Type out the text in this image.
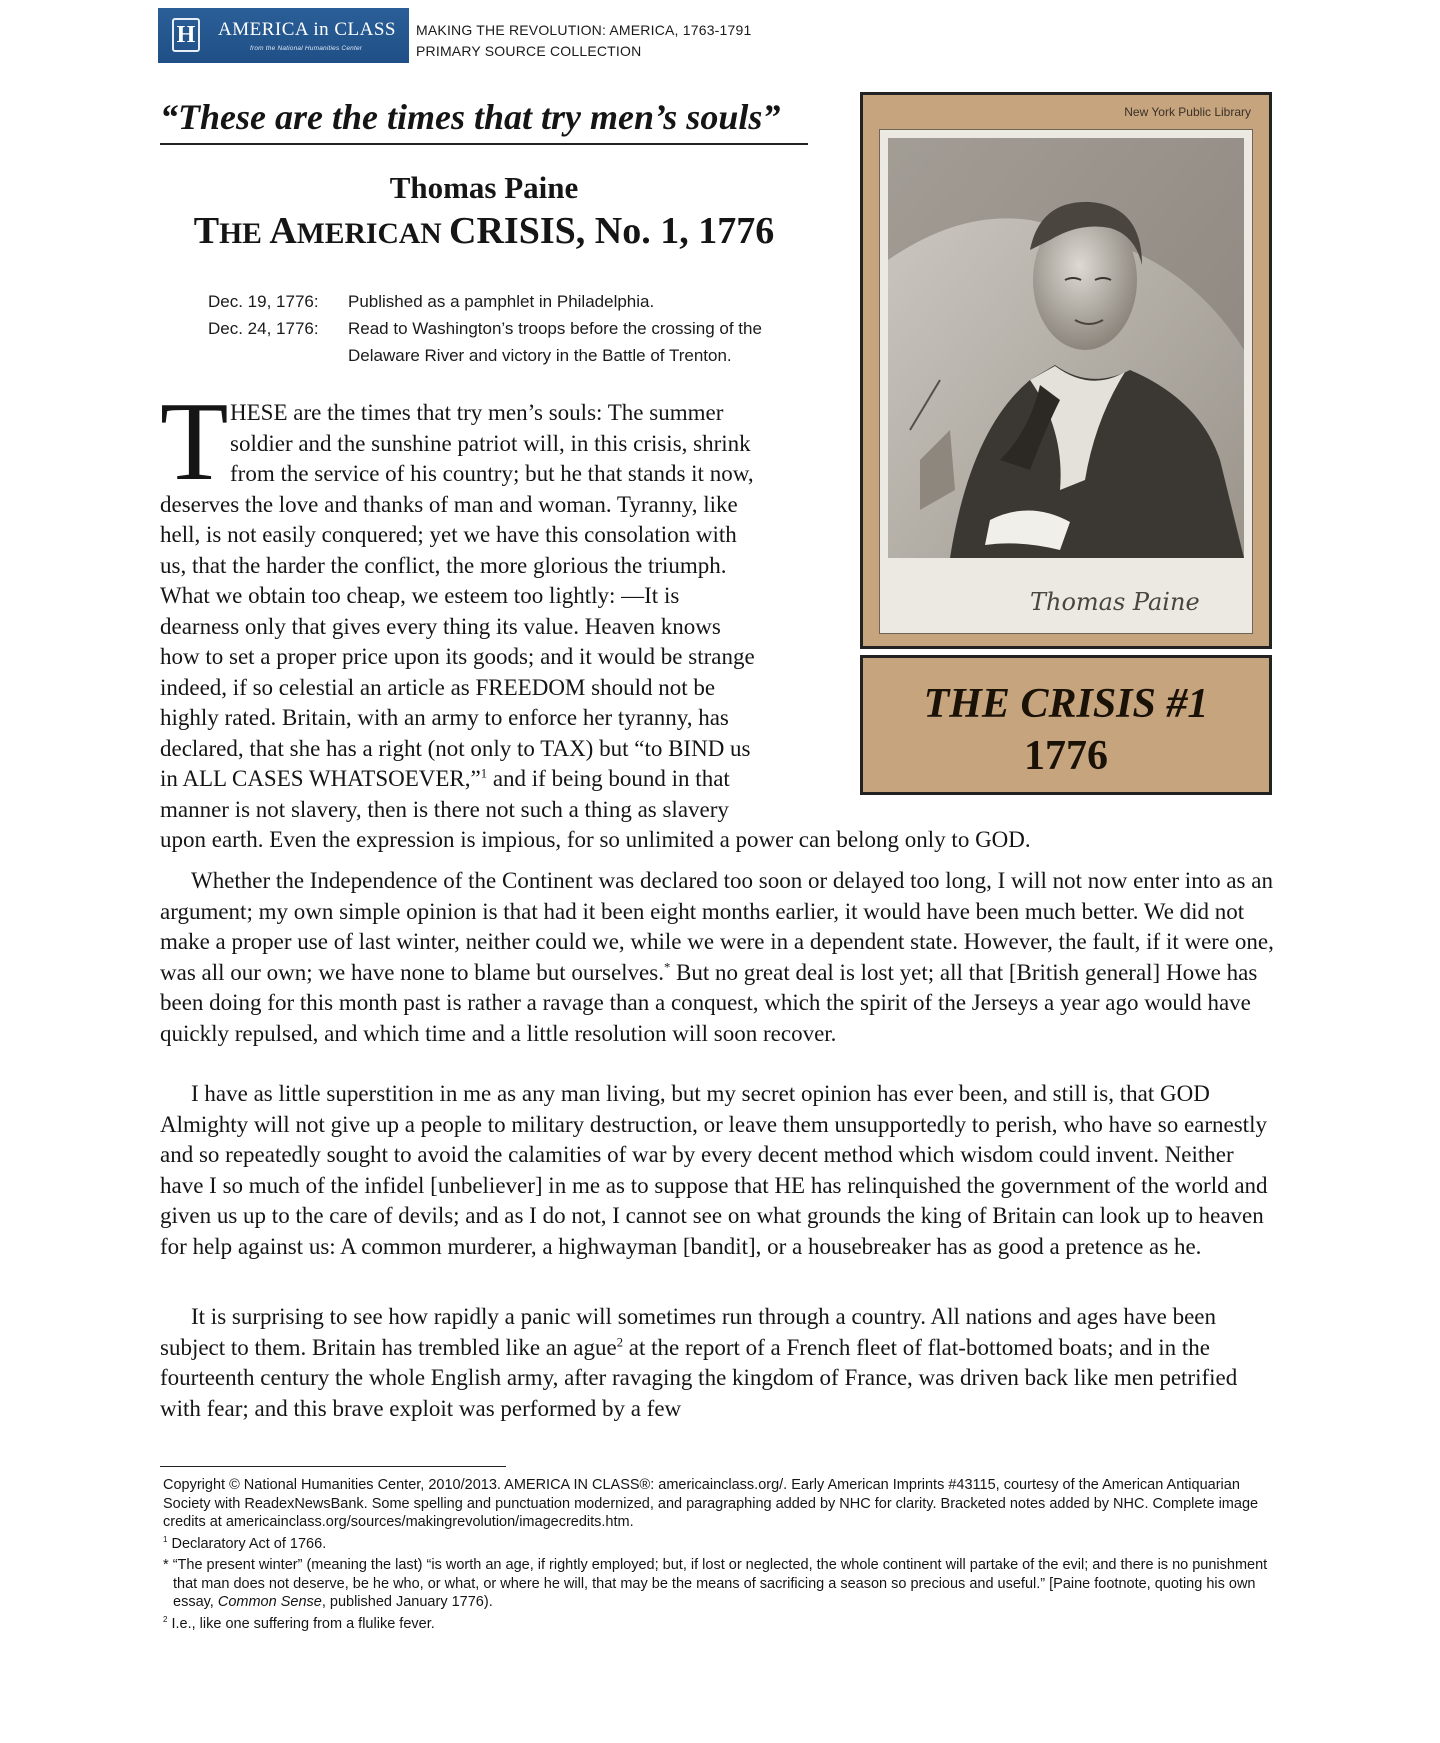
H AMERICA in CLASS
from the National Humanities Center
MAKING THE REVOLUTION: AMERICA, 1763-1791
PRIMARY SOURCE COLLECTION
“These are the times that try men’s souls”
Thomas Paine
THE AMERICAN CRISIS, No. 1, 1776
Dec. 19, 1776:	Published as a pamphlet in Philadelphia.
Dec. 24, 1776:	Read to Washington’s troops before the crossing of the Delaware River and victory in the Battle of Trenton.
New York Public Library
Thomas Paine
THE CRISIS #1
1776
T HESE are the times that try men’s souls: The summer
soldier and the sunshine patriot will, in this crisis, shrink
from the service of his country; but he that stands it now,
deserves the love and thanks of man and woman. Tyranny, like
hell, is not easily conquered; yet we have this consolation with
us, that the harder the conflict, the more glorious the triumph.
What we obtain too cheap, we esteem too lightly: —It is
dearness only that gives every thing its value. Heaven knows
how to set a proper price upon its goods; and it would be strange
indeed, if so celestial an article as FREEDOM should not be
highly rated. Britain, with an army to enforce her tyranny, has
declared, that she has a right (not only to TAX) but “to BIND us
in ALL CASES WHATSOEVER,”$^1$ and if being bound in that
manner is not slavery, then is there not such a thing as slavery
upon earth. Even the expression is impious, for so unlimited a power can belong only to GOD.
Whether the Independence of the Continent was declared too soon or delayed too long, I will not now enter into as an argument; my own simple opinion is that had it been eight months earlier, it would have been much better. We did not make a proper use of last winter, neither could we, while we were in a dependent state. However, the fault, if it were one, was all our own; we have none to blame but ourselves.* But no great deal is lost yet; all that [British general] Howe has been doing for this month past is rather a ravage than a conquest, which the spirit of the Jerseys a year ago would have quickly repulsed, and which time and a little resolution will soon recover.
I have as little superstition in me as any man living, but my secret opinion has ever been, and still is, that GOD Almighty will not give up a people to military destruction, or leave them unsupportedly to perish, who have so earnestly and so repeatedly sought to avoid the calamities of war by every decent method which wisdom could invent. Neither have I so much of the infidel [unbeliever] in me as to suppose that HE has relinquished the government of the world and given us up to the care of devils; and as I do not, I cannot see on what grounds the king of Britain can look up to heaven for help against us: A common murderer, a highwayman [bandit], or a housebreaker has as good a pretence as he.
It is surprising to see how rapidly a panic will sometimes run through a country. All nations and ages have been subject to them. Britain has trembled like an ague$^2$ at the report of a French fleet of flat-bottomed boats; and in the fourteenth century the whole English army, after ravaging the kingdom of France, was driven back like men petrified with fear; and this brave exploit was performed by a few

Copyright © National Humanities Center, 2010/2013. AMERICA IN CLASS®: americainclass.org/. Early American Imprints #43115, courtesy of the American Antiquarian Society with ReadexNewsBank. Some spelling and punctuation modernized, and paragraphing added by NHC for clarity. Bracketed notes added by NHC. Complete image credits at americainclass.org/sources/makingrevolution/imagecredits.htm.

$^1$ Declaratory Act of 1766.

* “The present winter” (meaning the last) “is worth an age, if rightly employed; but, if lost or neglected, the whole continent will partake of the evil; and there is no punishment that man does not deserve, be he who, or what, or where he will, that may be the means of sacrificing a season so precious and useful.” [Paine footnote, quoting his own essay, Common Sense, published January 1776).

$^2$ I.e., like one suffering from a flulike fever.
